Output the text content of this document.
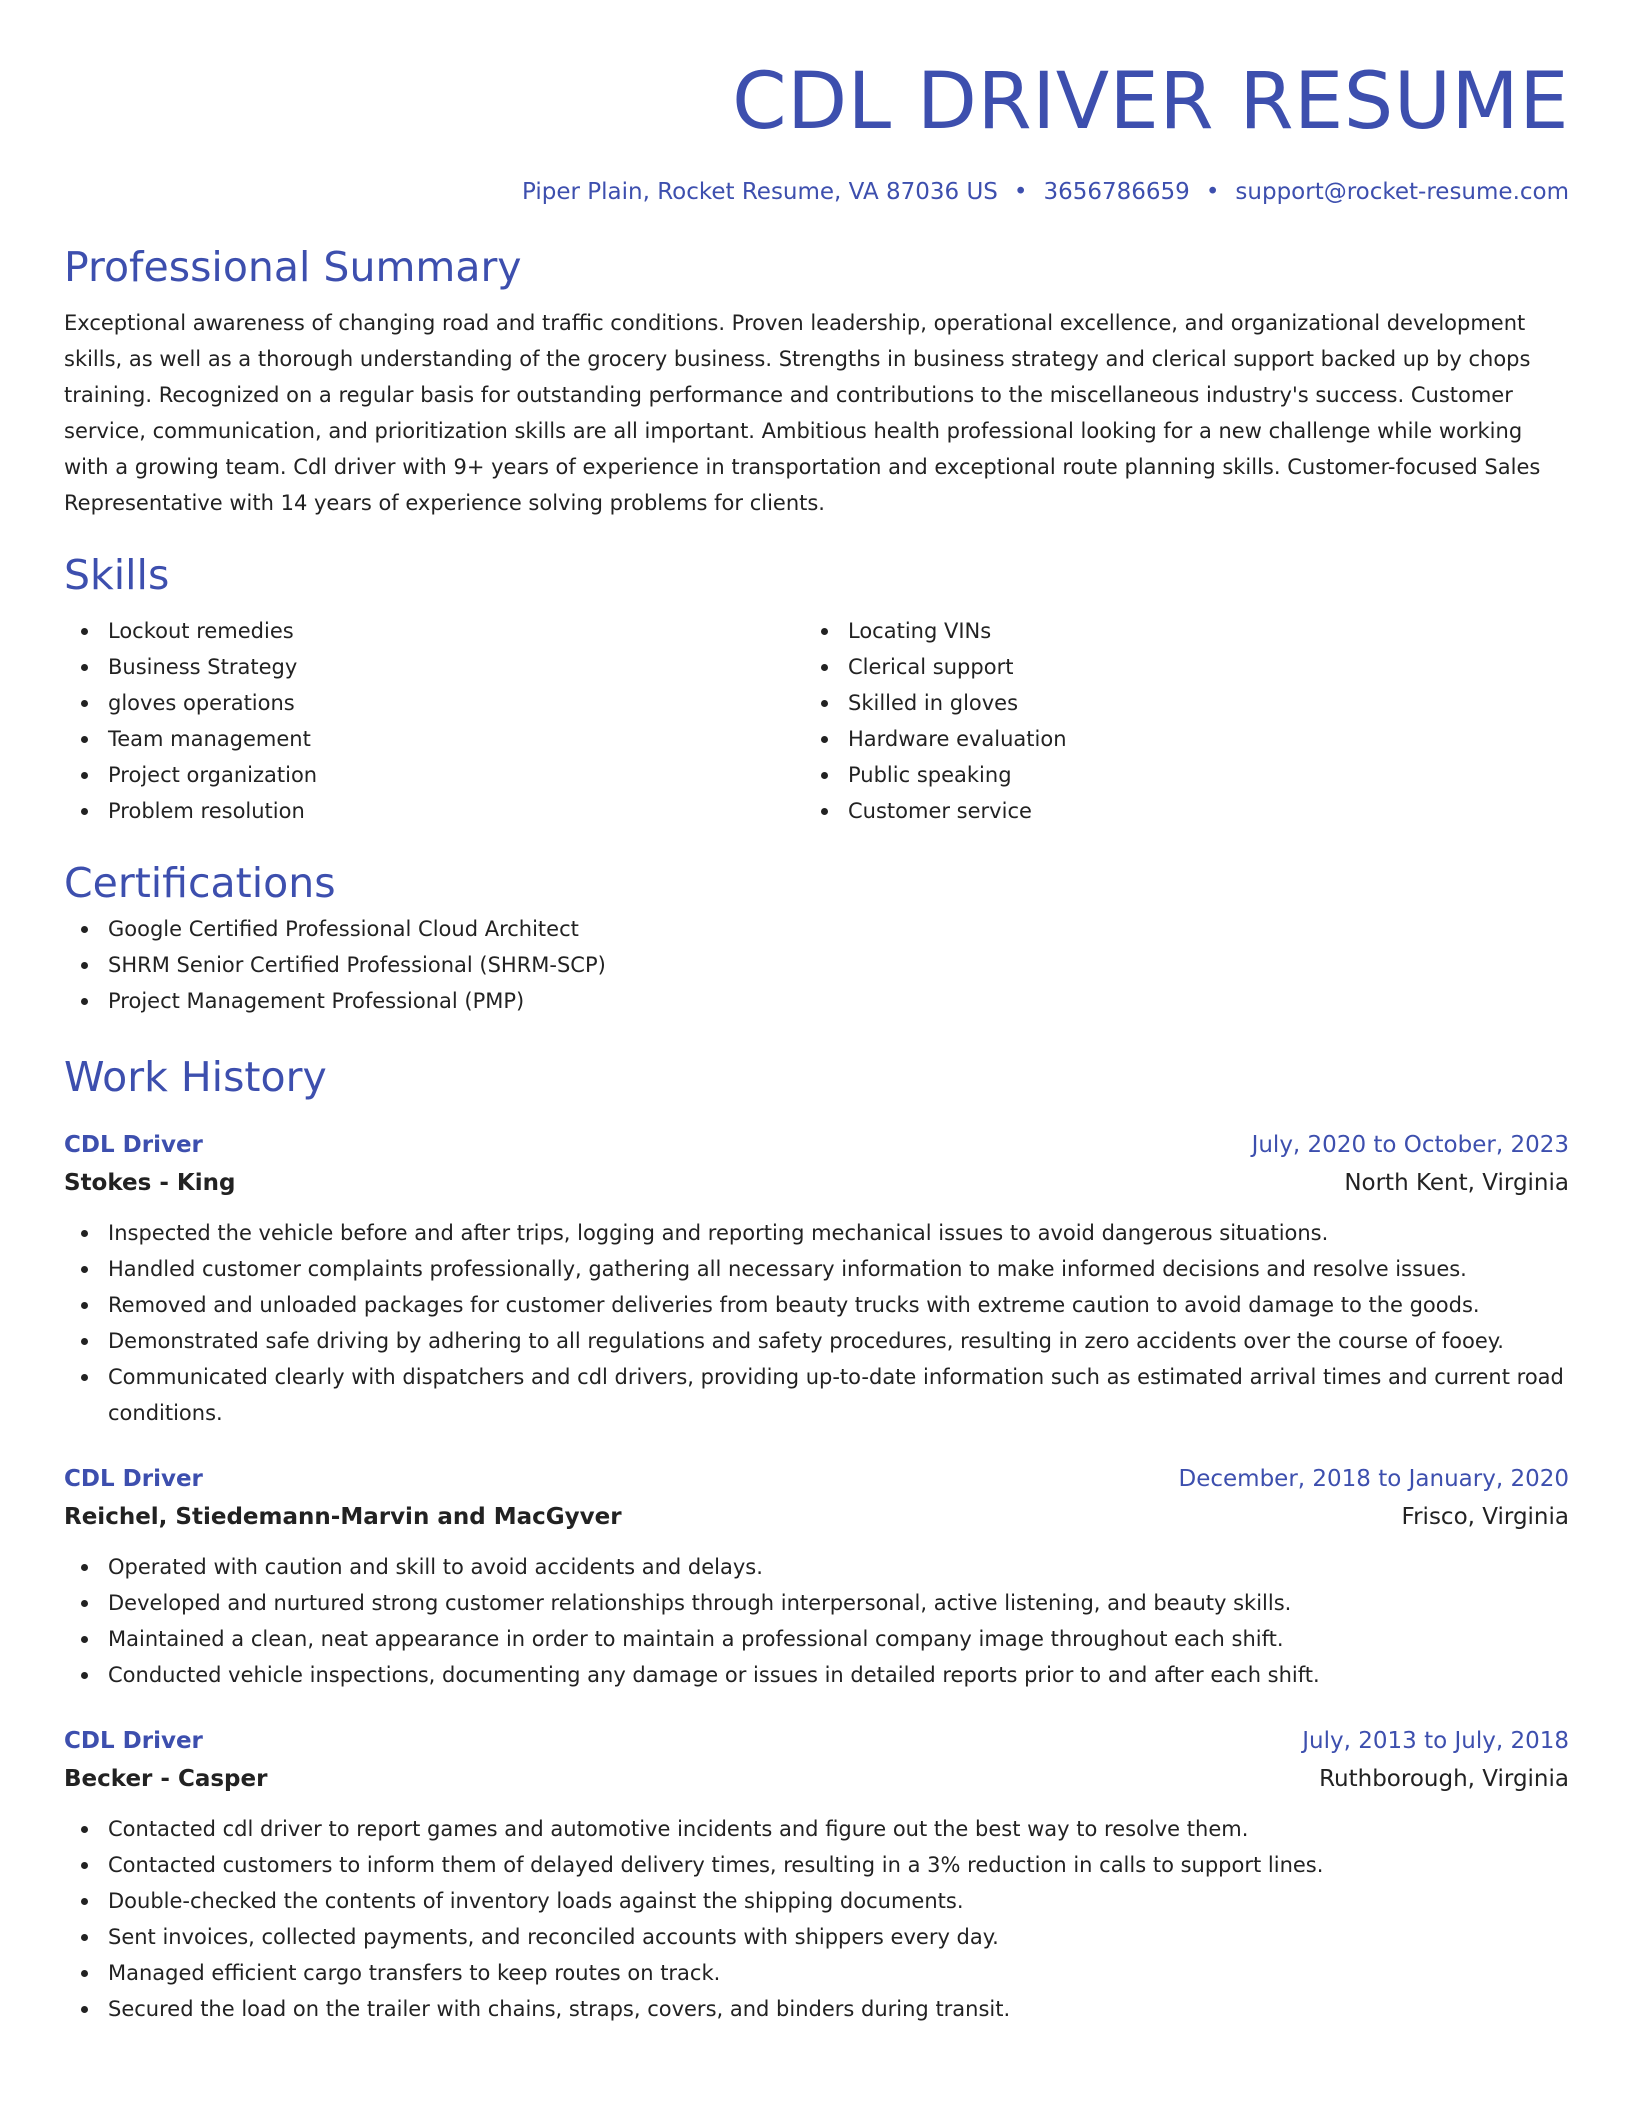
CDL DRIVER RESUME
Piper Plain, Rocket Resume, VA 87036 US • 3656786659 • support@rocket-resume.com
Professional Summary
Exceptional awareness of changing road and traffic conditions. Proven leadership, operational excellence, and organizational development skills, as well as a thorough understanding of the grocery business. Strengths in business strategy and clerical support backed up by chops training. Recognized on a regular basis for outstanding performance and contributions to the miscellaneous industry's success. Customer service, communication, and prioritization skills are all important. Ambitious health professional looking for a new challenge while working with a growing team. Cdl driver with 9+ years of experience in transportation and exceptional route planning skills. Customer-focused Sales Representative with 14 years of experience solving problems for clients.
Skills
Lockout remedies
Business Strategy
gloves operations
Team management
Project organization
Problem resolution
Locating VINs
Clerical support
Skilled in gloves
Hardware evaluation
Public speaking
Customer service
Certifications
Google Certified Professional Cloud Architect
SHRM Senior Certified Professional (SHRM-SCP)
Project Management Professional (PMP)
Work History
CDL Driver	July, 2020 to October, 2023
Stokes - King	North Kent, Virginia
Inspected the vehicle before and after trips, logging and reporting mechanical issues to avoid dangerous situations.
Handled customer complaints professionally, gathering all necessary information to make informed decisions and resolve issues.
Removed and unloaded packages for customer deliveries from beauty trucks with extreme caution to avoid damage to the goods.
Demonstrated safe driving by adhering to all regulations and safety procedures, resulting in zero accidents over the course of fooey.
Communicated clearly with dispatchers and cdl drivers, providing up-to-date information such as estimated arrival times and current road conditions.
CDL Driver	December, 2018 to January, 2020
Reichel, Stiedemann-Marvin and MacGyver	Frisco, Virginia
Operated with caution and skill to avoid accidents and delays.
Developed and nurtured strong customer relationships through interpersonal, active listening, and beauty skills.
Maintained a clean, neat appearance in order to maintain a professional company image throughout each shift.
Conducted vehicle inspections, documenting any damage or issues in detailed reports prior to and after each shift.
CDL Driver	July, 2013 to July, 2018
Becker - Casper	Ruthborough, Virginia
Contacted cdl driver to report games and automotive incidents and figure out the best way to resolve them.
Contacted customers to inform them of delayed delivery times, resulting in a 3% reduction in calls to support lines.
Double-checked the contents of inventory loads against the shipping documents.
Sent invoices, collected payments, and reconciled accounts with shippers every day.
Managed efficient cargo transfers to keep routes on track.
Secured the load on the trailer with chains, straps, covers, and binders during transit.
